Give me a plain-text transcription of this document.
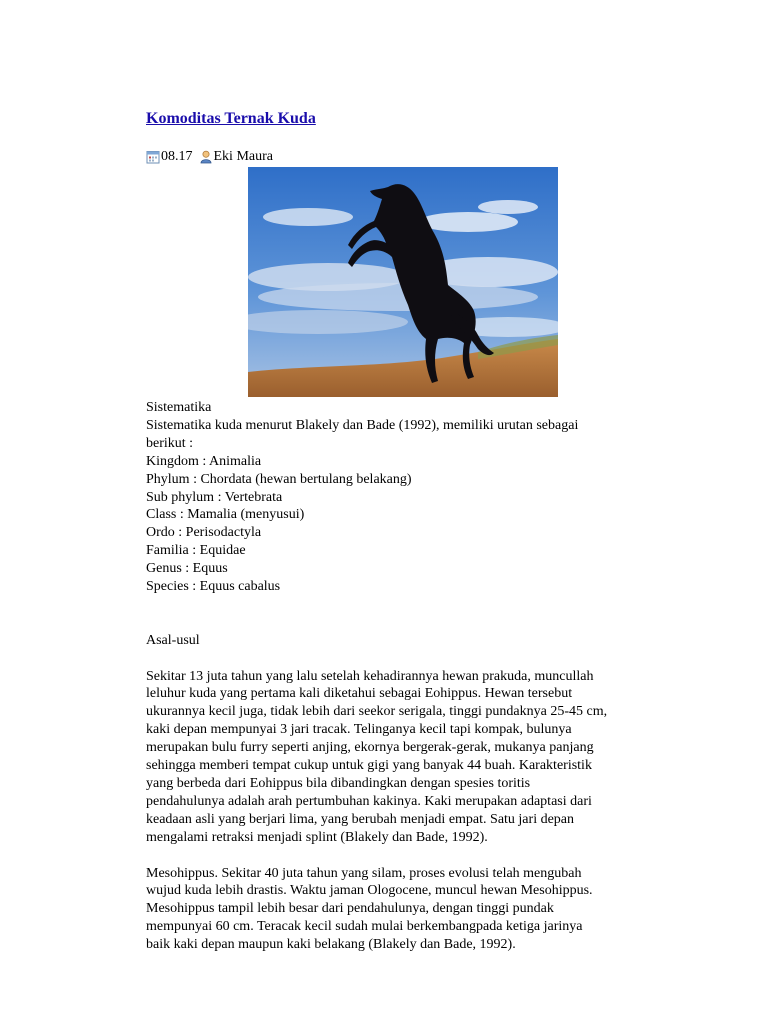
Komoditas Ternak Kuda
08.17 Eki Maura

Sistematika

Sistematika kuda menurut Blakely dan Bade (1992), memiliki urutan sebagai

berikut :

Kingdom : Animalia

Phylum : Chordata (hewan bertulang belakang)

Sub phylum : Vertebrata

Class : Mamalia (menyusui)

Ordo : Perisodactyla

Familia : Equidae

Genus : Equus

Species : Equus cabalus

Asal-usul

Sekitar 13 juta tahun yang lalu setelah kehadirannya hewan prakuda, muncullah

leluhur kuda yang pertama kali diketahui sebagai Eohippus. Hewan tersebut

ukurannya kecil juga, tidak lebih dari seekor serigala, tinggi pundaknya 25-45 cm,

kaki depan mempunyai 3 jari tracak. Telinganya kecil tapi kompak, bulunya

merupakan bulu furry seperti anjing, ekornya bergerak-gerak, mukanya panjang

sehingga memberi tempat cukup untuk gigi yang banyak 44 buah. Karakteristik

yang berbeda dari Eohippus bila dibandingkan dengan spesies toritis

pendahulunya adalah arah pertumbuhan kakinya. Kaki merupakan adaptasi dari

keadaan asli yang berjari lima, yang berubah menjadi empat. Satu jari depan

mengalami retraksi menjadi splint (Blakely dan Bade, 1992).

Mesohippus. Sekitar 40 juta tahun yang silam, proses evolusi telah mengubah

wujud kuda lebih drastis. Waktu jaman Ologocene, muncul hewan Mesohippus.

Mesohippus tampil lebih besar dari pendahulunya, dengan tinggi pundak

mempunyai 60 cm. Teracak kecil sudah mulai berkembangpada ketiga jarinya

baik kaki depan maupun kaki belakang (Blakely dan Bade, 1992).
